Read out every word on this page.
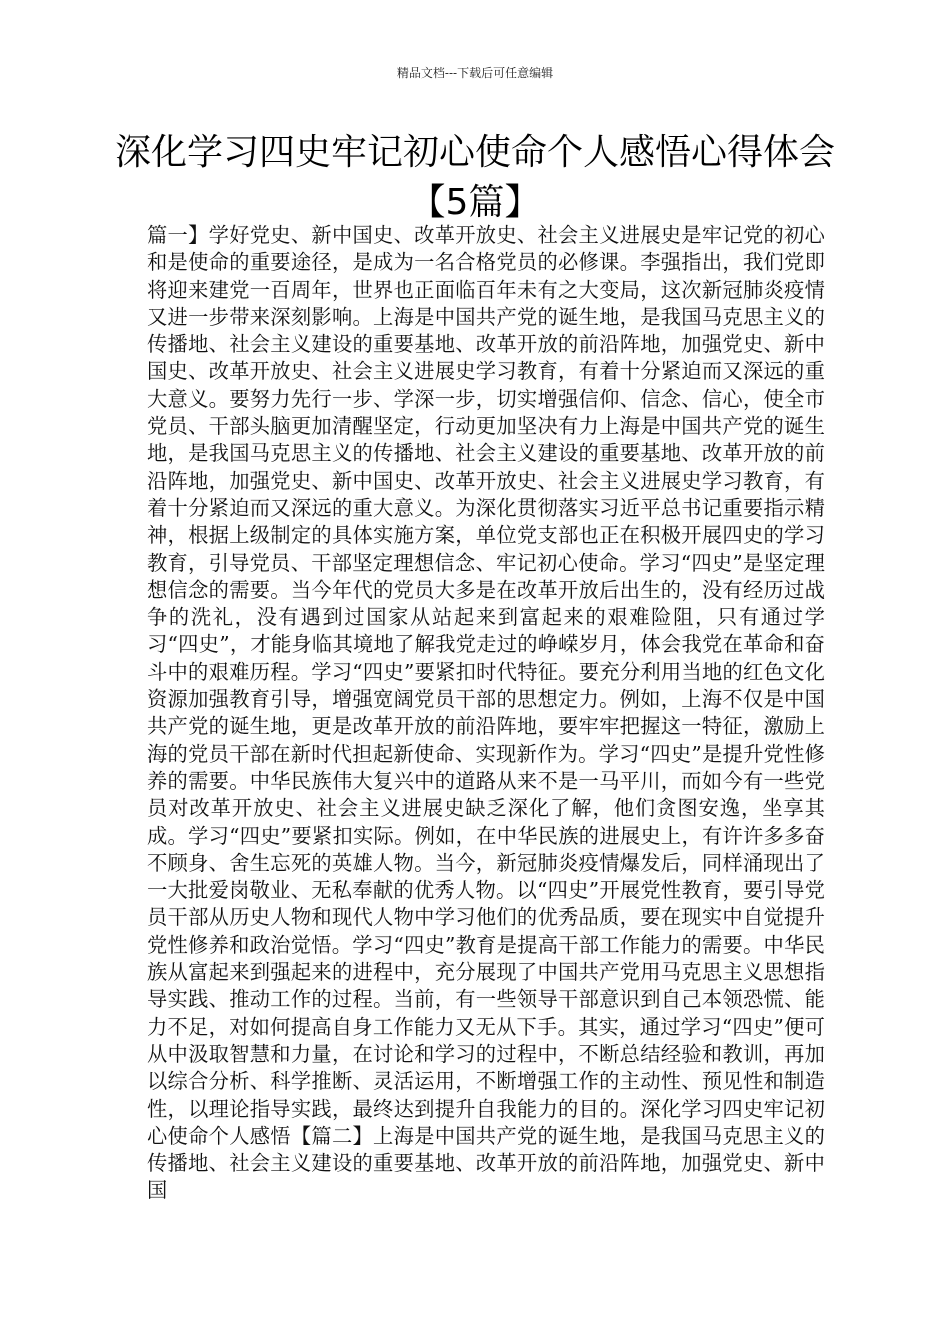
精品文档---下载后可任意编辑
深化学习四史牢记初心使命个人感悟心得体会【5篇】

篇一】学好党史、新中国史、改革开放史、社会主义进展史是牢记党的初心和是使命的重要途径，是成为一名合格党员的必修课。李强指出，我们党即将迎来建党一百周年，世界也正面临百年未有之大变局，这次新冠肺炎疫情又进一步带来深刻影响。上海是中国共产党的诞生地，是我国马克思主义的传播地、社会主义建设的重要基地、改革开放的前沿阵地，加强党史、新中国史、改革开放史、社会主义进展史学习教育，有着十分紧迫而又深远的重大意义。要努力先行一步、学深一步，切实增强信仰、信念、信心，使全市党员、干部头脑更加清醒坚定，行动更加坚决有力上海是中国共产党的诞生地，是我国马克思主义的传播地、社会主义建设的重要基地、改革开放的前沿阵地，加强党史、新中国史、改革开放史、社会主义进展史学习教育，有着十分紧迫而又深远的重大意义。为深化贯彻落实习近平总书记重要指示精神，根据上级制定的具体实施方案，单位党支部也正在积极开展四史的学习教育，引导党员、干部坚定理想信念、牢记初心使命。学习“四史”是坚定理想信念的需要。当今年代的党员大多是在改革开放后出生的，没有经历过战争的洗礼，没有遇到过国家从站起来到富起来的艰难险阻，只有通过学习“四史”，才能身临其境地了解我党走过的峥嵘岁月，体会我党在革命和奋斗中的艰难历程。学习“四史”要紧扣时代特征。要充分利用当地的红色文化资源加强教育引导，增强宽阔党员干部的思想定力。例如，上海不仅是中国共产党的诞生地，更是改革开放的前沿阵地，要牢牢把握这一特征，激励上海的党员干部在新时代担起新使命、实现新作为。学习“四史”是提升党性修养的需要。中华民族伟大复兴中的道路从来不是一马平川，而如今有一些党员对改革开放史、社会主义进展史缺乏深化了解，他们贪图安逸，坐享其成。学习“四史”要紧扣实际。例如，在中华民族的进展史上，有许许多多奋不顾身、舍生忘死的英雄人物。当今，新冠肺炎疫情爆发后，同样涌现出了一大批爱岗敬业、无私奉献的优秀人物。以“四史”开展党性教育，要引导党员干部从历史人物和现代人物中学习他们的优秀品质，要在现实中自觉提升党性修养和政治觉悟。学习“四史”教育是提高干部工作能力的需要。中华民族从富起来到强起来的进程中，充分展现了中国共产党用马克思主义思想指导实践、推动工作的过程。当前，有一些领导干部意识到自己本领恐慌、能力不足，对如何提高自身工作能力又无从下手。其实，通过学习“四史”便可从中汲取智慧和力量，在讨论和学习的过程中，不断总结经验和教训，再加以综合分析、科学推断、灵活运用，不断增强工作的主动性、预见性和制造性，以理论指导实践，最终达到提升自我能力的目的。深化学习四史牢记初心使命个人感悟【篇二】上海是中国共产党的诞生地，是我国马克思主义的传播地、社会主义建设的重要基地、改革开放的前沿阵地，加强党史、新中国
